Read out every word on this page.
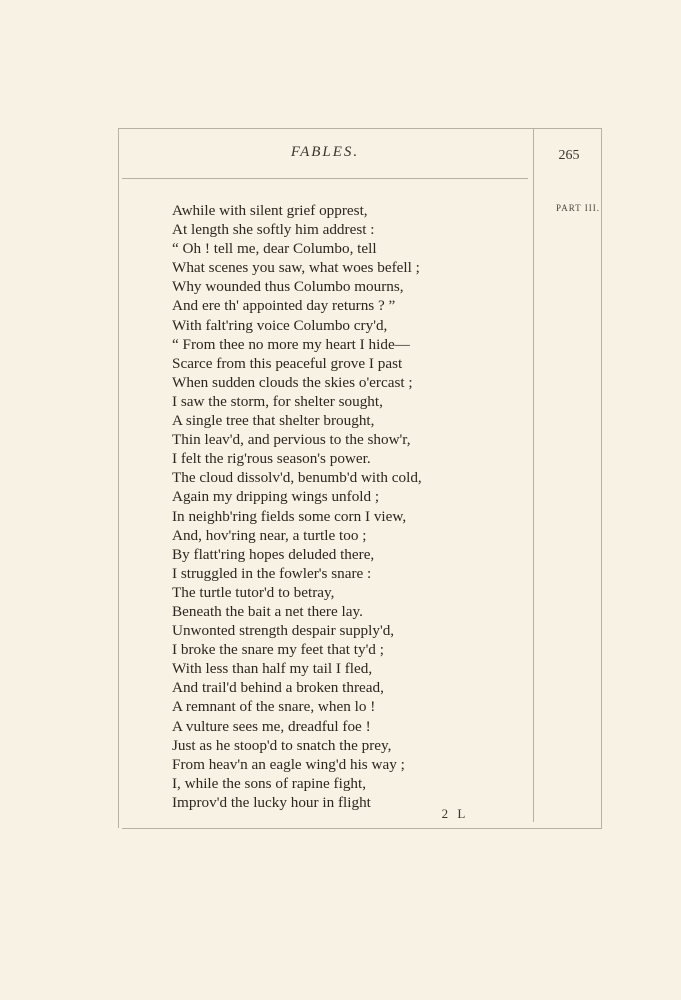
FABLES.	265
PART III.
Awhile with silent grief opprest,
At length she softly him addrest :
“ Oh ! tell me, dear Columbo, tell
What scenes you saw, what woes befell ;
Why wounded thus Columbo mourns,
And ere th' appointed day returns ? ”
With falt'ring voice Columbo cry'd,
“ From thee no more my heart I hide—
Scarce from this peaceful grove I past
When sudden clouds the skies o'ercast ;
I saw the storm, for shelter sought,
A single tree that shelter brought,
Thin leav'd, and pervious to the show'r,
I felt the rig'rous season's power.
The cloud dissolv'd, benumb'd with cold,
Again my dripping wings unfold ;
In neighb'ring fields some corn I view,
And, hov'ring near, a turtle too ;
By flatt'ring hopes deluded there,
I struggled in the fowler's snare :
The turtle tutor'd to betray,
Beneath the bait a net there lay.
Unwonted strength despair supply'd,
I broke the snare my feet that ty'd ;
With less than half my tail I fled,
And trail'd behind a broken thread,
A remnant of the snare, when lo !
A vulture sees me, dreadful foe !
Just as he stoop'd to snatch the prey,
From heav'n an eagle wing'd his way ;
I, while the sons of rapine fight,
Improv'd the lucky hour in flight
2 L
